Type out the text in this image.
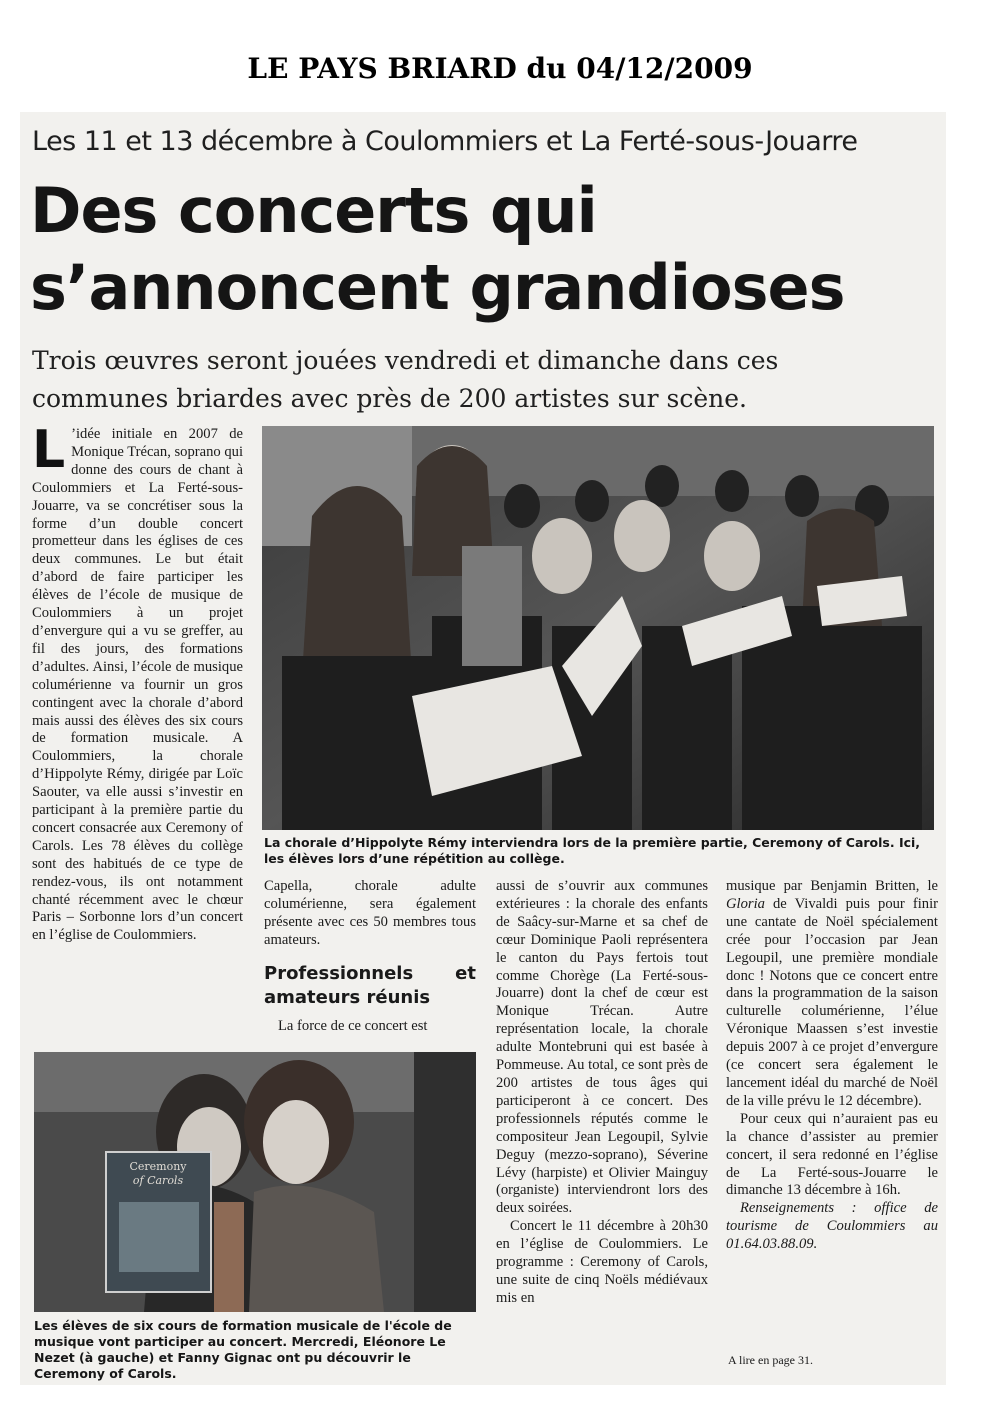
LE PAYS BRIARD du 04/12/2009
Les 11 et 13 décembre à Coulommiers et La Ferté-sous-Jouarre
Des concerts qui
s’annoncent grandioses
Trois œuvres seront jouées vendredi et dimanche dans ces
communes briardes avec près de 200 artistes sur scène.

L ’idée initiale en 2007 de Monique Trécan, soprano qui donne des cours de chant à Coulommiers et La Ferté-sous-Jouarre, va se concrétiser sous la forme d’un double concert prometteur dans les églises de ces deux communes. Le but était d’abord de faire participer les élèves de l’école de musique de Coulommiers à un projet d’envergure qui a vu se greffer, au fil des jours, des formations d’adultes. Ainsi, l’école de musique columérienne va fournir un gros contingent avec la chorale d’abord mais aussi des élèves des six cours de formation musicale. A Coulommiers, la chorale d’Hippolyte Rémy, dirigée par Loïc Saouter, va elle aussi s’investir en participant à la première partie du concert consacrée aux Ceremony of Carols. Les 78 élèves du collège sont des habitués de ce type de rendez-vous, ils ont notamment chanté récemment avec le chœur Paris – Sorbonne lors d’un concert en l’église de Coulommiers.

La chorale d’Hippolyte Rémy interviendra lors de la première partie, Ceremony of Carols. Ici, les élèves lors d’une répétition au collège.

Capella, chorale adulte columérienne, sera également présente avec ces 50 membres tous amateurs.

Professionnels et amateurs réunis

La force de ce concert est

aussi de s’ouvrir aux communes extérieures : la chorale des enfants de Saâcy-sur-Marne et sa chef de cœur Dominique Paoli représentera le canton du Pays fertois tout comme Chorège (La Ferté-sous-Jouarre) dont la chef de cœur est Monique Trécan. Autre représentation locale, la chorale adulte Montebruni qui est basée à Pommeuse. Au total, ce sont près de 200 artistes de tous âges qui participeront à ce concert. Des professionnels réputés comme le compositeur Jean Legoupil, Sylvie Deguy (mezzo-soprano), Séverine Lévy (harpiste) et Olivier Mainguy (organiste) interviendront lors des deux soirées.

Concert le 11 décembre à 20h30 en l’église de Coulommiers. Le programme : Ceremony of Carols, une suite de cinq Noëls médiévaux mis en

musique par Benjamin Britten, le Gloria de Vivaldi puis pour finir une cantate de Noël spécialement crée pour l’occasion par Jean Legoupil, une première mondiale donc ! Notons que ce concert entre dans la programmation de la saison culturelle columérienne, l’élue Véronique Maassen s’est investie depuis 2007 à ce projet d’envergure (ce concert sera également le lancement idéal du marché de Noël de la ville prévu le 12 décembre).

Pour ceux qui n’auraient pas eu la chance d’assister au premier concert, il sera redonné en l’église de La Ferté-sous-Jouarre le dimanche 13 décembre à 16h.

Renseignements : office de tourisme de Coulommiers au 01.64.03.88.09.

A lire en page 31.
Ceremony
of Carols
Les élèves de six cours de formation musicale de l'école de musique vont participer au concert. Mercredi, Eléonore Le Nezet (à gauche) et Fanny Gignac ont pu découvrir le Ceremony of Carols.
